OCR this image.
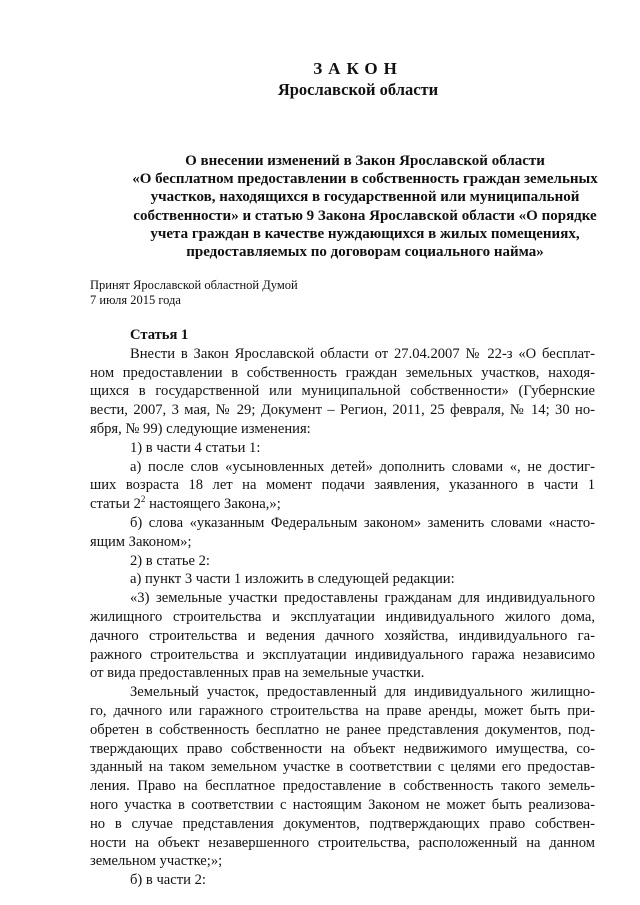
ЗАКОН
Ярославской области
О внесении изменений в Закон Ярославской области
«О бесплатном предоставлении в собственность граждан земельных
участков, находящихся в государственной или муниципальной
собственности» и статью 9 Закона Ярославской области «О порядке
учета граждан в качестве нуждающихся в жилых помещениях,
предоставляемых по договорам социального найма»
Принят Ярославской областной Думой
7 июля 2015 года
Статья 1
Внести в Закон Ярославской области от 27.04.2007 № 22-з «О бесплат-
ном предоставлении в собственность граждан земельных участков, находя-
щихся в государственной или муниципальной собственности» (Губернские
вести, 2007, 3 мая, № 29; Документ – Регион, 2011, 25 февраля, № 14; 30 но-
ября, № 99) следующие изменения:
1) в части 4 статьи 1:
а) после слов «усыновленных детей» дополнить словами «, не достиг-
ших возраста 18 лет на момент подачи заявления, указанного в части 1
статьи $2^2$ настоящего Закона,»;
б) слова «указанным Федеральным законом» заменить словами «насто-
ящим Законом»;
2) в статье 2:
а) пункт 3 части 1 изложить в следующей редакции:
«3) земельные участки предоставлены гражданам для индивидуального
жилищного строительства и эксплуатации индивидуального жилого дома,
дачного строительства и ведения дачного хозяйства, индивидуального га-
ражного строительства и эксплуатации индивидуального гаража независимо
от вида предоставленных прав на земельные участки.
Земельный участок, предоставленный для индивидуального жилищно-
го, дачного или гаражного строительства на праве аренды, может быть при-
обретен в собственность бесплатно не ранее представления документов, под-
тверждающих право собственности на объект недвижимого имущества, со-
зданный на таком земельном участке в соответствии с целями его предостав-
ления. Право на бесплатное предоставление в собственность такого земель-
ного участка в соответствии с настоящим Законом не может быть реализова-
но в случае представления документов, подтверждающих право собствен-
ности на объект незавершенного строительства, расположенный на данном
земельном участке;»;
б) в части 2:
